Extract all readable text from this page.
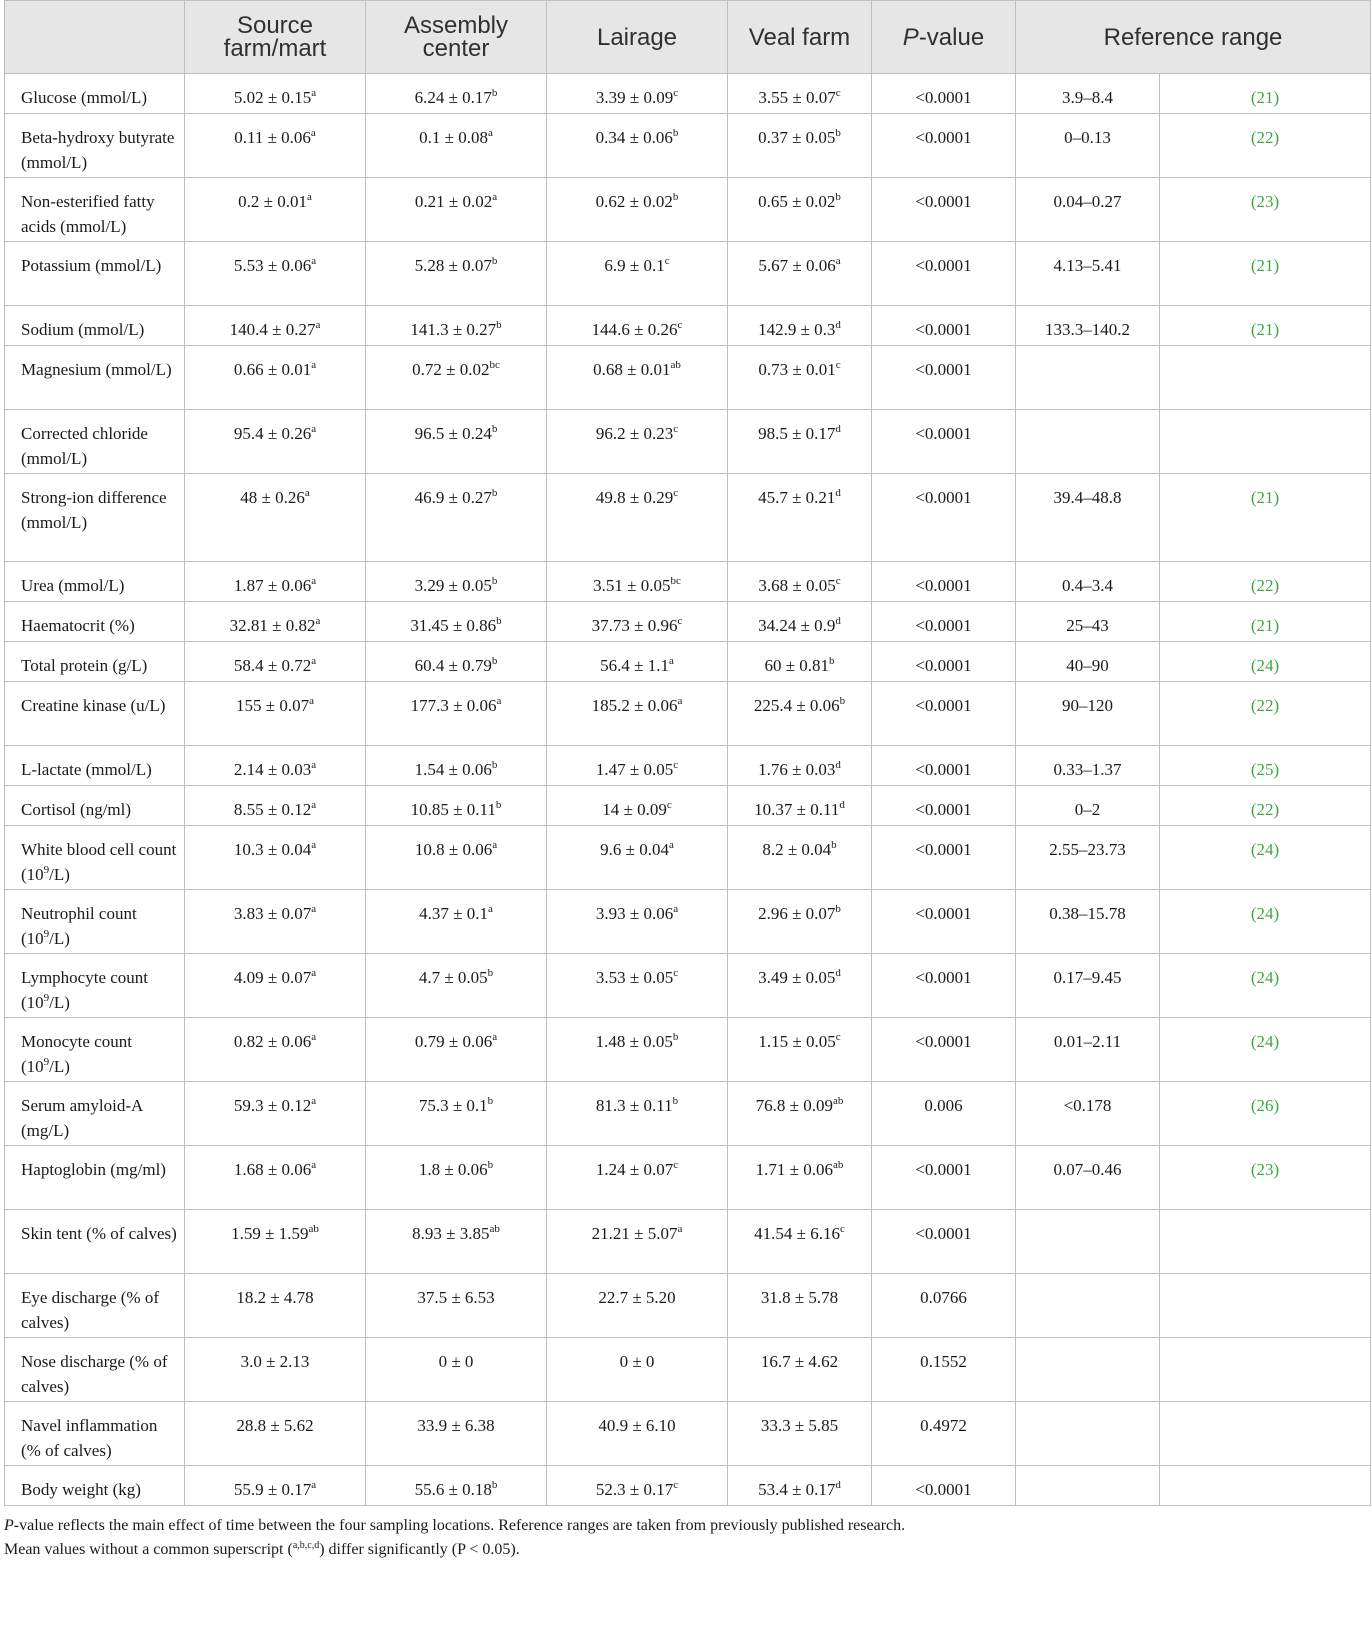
	Source farm/mart	Assembly center	Lairage	Veal farm	P-value	Reference range	
Glucose (mmol/L)	5.02 ± 0.15$^a$	6.24 ± 0.17$^b$	3.39 ± 0.09$^c$	3.55 ± 0.07$^c$	<0.0001	3.9–8.4	(21)
Beta-hydroxy butyrate (mmol/L)	0.11 ± 0.06$^a$	0.1 ± 0.08$^a$	0.34 ± 0.06$^b$	0.37 ± 0.05$^b$	<0.0001	0–0.13	(22)
Non-esterified fatty acids (mmol/L)	0.2 ± 0.01$^a$	0.21 ± 0.02$^a$	0.62 ± 0.02$^b$	0.65 ± 0.02$^b$	<0.0001	0.04–0.27	(23)
Potassium (mmol/L)	5.53 ± 0.06$^a$	5.28 ± 0.07$^b$	6.9 ± 0.1$^c$	5.67 ± 0.06$^a$	<0.0001	4.13–5.41	(21)
Sodium (mmol/L)	140.4 ± 0.27$^a$	141.3 ± 0.27$^b$	144.6 ± 0.26$^c$	142.9 ± 0.3$^d$	<0.0001	133.3–140.2	(21)
Magnesium (mmol/L)	0.66 ± 0.01$^a$	0.72 ± 0.02$^{bc}$	0.68 ± 0.01$^{ab}$	0.73 ± 0.01$^c$	<0.0001		
Corrected chloride (mmol/L)	95.4 ± 0.26$^a$	96.5 ± 0.24$^b$	96.2 ± 0.23$^c$	98.5 ± 0.17$^d$	<0.0001		
Strong-ion difference (mmol/L)	48 ± 0.26$^a$	46.9 ± 0.27$^b$	49.8 ± 0.29$^c$	45.7 ± 0.21$^d$	<0.0001	39.4–48.8	(21)
Urea (mmol/L)	1.87 ± 0.06$^a$	3.29 ± 0.05$^b$	3.51 ± 0.05$^{bc}$	3.68 ± 0.05$^c$	<0.0001	0.4–3.4	(22)
Haematocrit (%)	32.81 ± 0.82$^a$	31.45 ± 0.86$^b$	37.73 ± 0.96$^c$	34.24 ± 0.9$^d$	<0.0001	25–43	(21)
Total protein (g/L)	58.4 ± 0.72$^a$	60.4 ± 0.79$^b$	56.4 ± 1.1$^a$	60 ± 0.81$^b$	<0.0001	40–90	(24)
Creatine kinase (u/L)	155 ± 0.07$^a$	177.3 ± 0.06$^a$	185.2 ± 0.06$^a$	225.4 ± 0.06$^b$	<0.0001	90–120	(22)
L-lactate (mmol/L)	2.14 ± 0.03$^a$	1.54 ± 0.06$^b$	1.47 ± 0.05$^c$	1.76 ± 0.03$^d$	<0.0001	0.33–1.37	(25)
Cortisol (ng/ml)	8.55 ± 0.12$^a$	10.85 ± 0.11$^b$	14 ± 0.09$^c$	10.37 ± 0.11$^d$	<0.0001	0–2	(22)
White blood cell count $(10^9/L)$	10.3 ± 0.04$^a$	10.8 ± 0.06$^a$	9.6 ± 0.04$^a$	8.2 ± 0.04$^b$	<0.0001	2.55–23.73	(24)
Neutrophil count $(10^9/L)$	3.83 ± 0.07$^a$	4.37 ± 0.1$^a$	3.93 ± 0.06$^a$	2.96 ± 0.07$^b$	<0.0001	0.38–15.78	(24)
Lymphocyte count $(10^9/L)$	4.09 ± 0.07$^a$	4.7 ± 0.05$^b$	3.53 ± 0.05$^c$	3.49 ± 0.05$^d$	<0.0001	0.17–9.45	(24)
Monocyte count $(10^9/L)$	0.82 ± 0.06$^a$	0.79 ± 0.06$^a$	1.48 ± 0.05$^b$	1.15 ± 0.05$^c$	<0.0001	0.01–2.11	(24)
Serum amyloid-A (mg/L)	59.3 ± 0.12$^a$	75.3 ± 0.1$^b$	81.3 ± 0.11$^b$	76.8 ± 0.09$^{ab}$	0.006	<0.178	(26)
Haptoglobin (mg/ml)	1.68 ± 0.06$^a$	1.8 ± 0.06$^b$	1.24 ± 0.07$^c$	1.71 ± 0.06$^{ab}$	<0.0001	0.07–0.46	(23)
Skin tent (% of calves)	1.59 ± 1.59$^{ab}$	8.93 ± 3.85$^{ab}$	21.21 ± 5.07$^a$	41.54 ± 6.16$^c$	<0.0001		
Eye discharge (% of calves)	18.2 ± 4.78	37.5 ± 6.53	22.7 ± 5.20	31.8 ± 5.78	0.0766		
Nose discharge (% of calves)	3.0 ± 2.13	0 ± 0	0 ± 0	16.7 ± 4.62	0.1552		
Navel inflammation (% of calves)	28.8 ± 5.62	33.9 ± 6.38	40.9 ± 6.10	33.3 ± 5.85	0.4972		
Body weight (kg)	55.9 ± 0.17$^a$	55.6 ± 0.18$^b$	52.3 ± 0.17$^c$	53.4 ± 0.17$^d$	<0.0001		

P-value reflects the main effect of time between the four sampling locations. Reference ranges are taken from previously published research.

Mean values without a common superscript ($^{a,b,c,d}$) differ significantly (P < 0.05).
